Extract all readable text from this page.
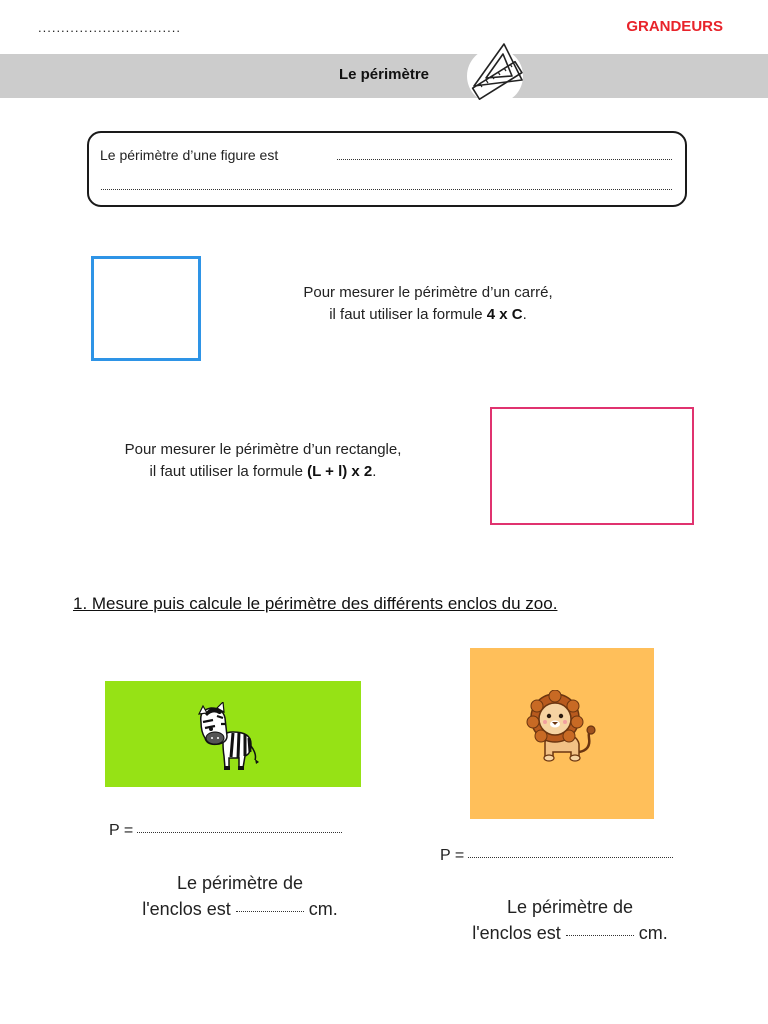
...............................	GRANDEURS
Le périmètre
Le périmètre d’une figure est
Pour mesurer le périmètre d’un carré,
il faut utiliser la formule 4 x C.
Pour mesurer le périmètre d’un rectangle,
il faut utiliser la formule (L + l) x 2.
1. Mesure puis calcule le périmètre des différents enclos du zoo.
P =
Le périmètre de
l'enclos est	cm.
P =
Le périmètre de
l'enclos est	cm.
